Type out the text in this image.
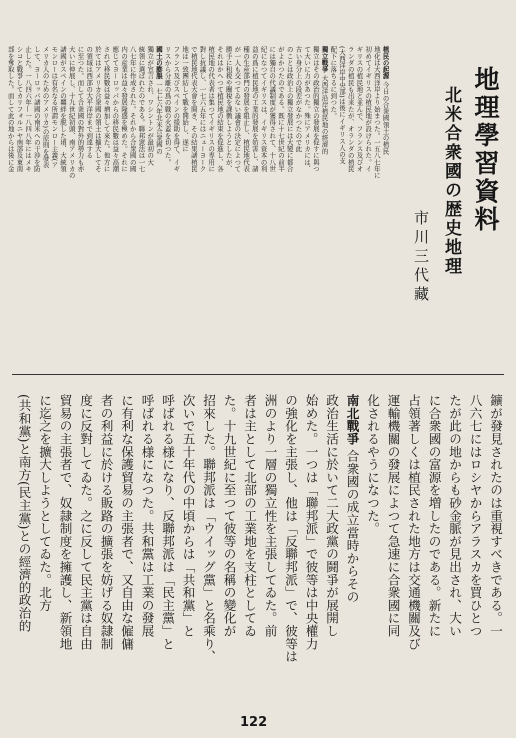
地理學習資料
北米合衆國の歴史地理
市川三代藏
植民の起源 今日の合衆國領土の植民
地化は大西洋岸より始まつた。一五八七年に
初めてイギリスの植民地が設けられた。イ
ギリスの植民地と並んで、フランス及びオ
ランダの植民も出来たが、オランダの植民
(大西洋岸中央部)は後にイギリス人の支
配下に落ちるに到つた。
獨立戰爭 大西洋沿岸植民地の經濟的
獨立はその政治的獨立の發展を促すに與つ
て大いに力があつた。殊にアメリカには、
古い身分上の段差がなかつたので此
のことは政治上の獨立發展には大變に都合
がよかつたのである。既に十七世紀の前半
には獨自の代議制度が獲得されて、十八世
紀になつてイギリスは、イギリス資本の利
益の爲に植民地の工業的發展を妨害し、諸
種の生産部門の發展を阻止し、植民地代表
が一人も交つてゐない議會の決定によつて
勝手に租税や關稅を課徴しようとしたが、
それはかへつて植民地の結束を促進し、各
植民地の代表者は集つてイギリスの専用に
對し抗議し、一七六五年にはニューヨーク
で植民地代表大會を開き、その結果諸植民
地は一致團結して戰を開始し、遂に
フランス及びスペインの援助を得て、イギ
リスから分離の爲の戰の火蓋を切つた。
國土の膨脹 一七七六年北米合衆國の
獨立が宣言され、ワシントンが最初の大
統領に選ばれたのである。聯邦憲法は一七
八七年に作成された。それから合衆國の國
内の産業は益々發展隆盛を極めた。それに
應じてヨーロッパからの移民數は益々高潮
されて移民數は益々増加して來た。他方に
於てはアメリカ合衆國の領土は擴大してそ
の領域は西部の大平洋岸まで到達する
に至つた。而して合衆國の對外的勢力も亦
大いに伸展し、十九世紀初頭、南アメリカの
諸國がスペインの覊絆を脱した頃、大統領
モンローは有名なる所謂モンロー主義(ア
メリカ人のためのアメリカ)の原則を發表
して、ヨーロッパ諸國の南米への干渉を防
止した。一八四六年—一八四八年にはメキ
シコと戰爭してカリフォルニヤ南部及東南
部を奪取した。而して此の地からは後に金
鑛が發見されたのは重視すべきである。一
八六七にはロシヤからアラスカを買ひとつ
たが此の地からも砂金脈が見出され、大い
に合衆國の富源を増したのである。新たに
占領著しくは植民された地方は交通機關及び
運輸機關の發展によつて急速に合衆國に同
化されるやうになつた。
南北戰爭 合衆國の成立當時からその
政治生活に於いて二大政黨の鬪爭が展開し
始めた。一つは「聯邦派」で彼等は中央權力
の強化を主張し、他は「反聯邦派」で、彼等は
洲のより一層の獨立性を主張してゐた。前
者は主として北部の工業地を支柱としてゐ
た。十九世紀に至つて彼等の名稱の變化が
招來した。聯邦派は「ウイッグ黨」と名乘り、
次いで五十年代の中頃からは「共和黨」と
呼ばれる様になり、反聯邦派は「民主黨」と
呼ばれる様になつた。共和黨は工業の發展
に有利な保護貿易の主張者で、又自由な僱傭
者の利益に於ける販路の擴張を妨げる奴隷制
度に反對してゐた。之に反して民主黨は自由
貿易の主張者で、奴隷制度を擁護し、新領地
に迄之を擴大しようとしてゐた。北方
(共和黨)と南方(民主黨)との經濟的政治的
122
